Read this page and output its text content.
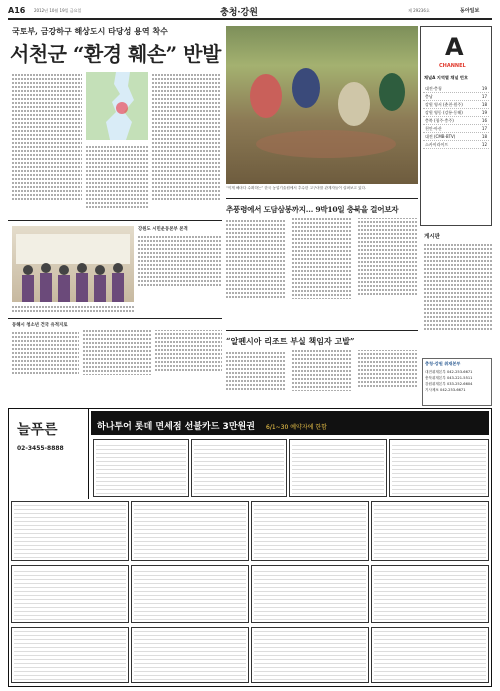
A16 2012년 10월 19일 금요일	충청·강원	제 29236호	동아일보
국토부, 금강하구 해상도시 타당성 용역 착수
서천군 “환경 훼손” 반발
“이게 해마다 수확하는” 한국 농업기술원에서 추수한 고구마를 관계자들이 살펴보고 있다.
A
CHANNEL
채널A 지역별 채널 번호
대전·충청	19
충남	17
강원 영서 (춘천·원주)	18
강원 영동 (강릉·동해)	19
충북 (청주·충주)	16
천안·아산	17
대전 (CMB·BTV)	18
스카이라이프	12
추풍령에서 도담삼봉까지… 9박10일 충북을 걸어보자
강원도 시민운동본부 본격
동해시 청소년 건국 유적지로
“알펜시아 리조트 부실 책임자 고발”
게시판
충청·강원 취재본부
대전취재본부 042-253-6671
충북취재본부 043-221-5511
강원취재본부 033-252-6604
기사제보 042-253-6671
늘푸른
02-3455-8888
하나투어 롯데 면세점 선불카드 3만원권 6/1~30 예약자에 한함
